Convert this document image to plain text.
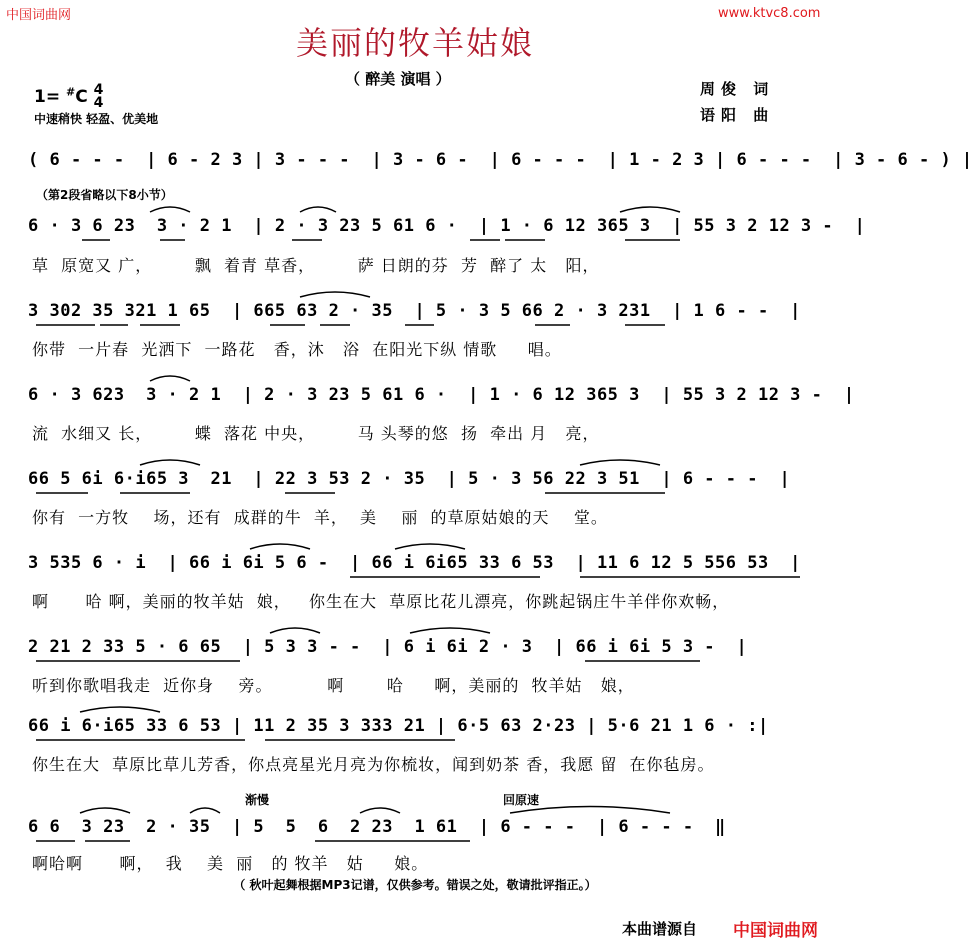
中国词曲网	www.ktvc8.com
美丽的牧羊姑娘
（ 醉美 演唱 ）
1= #C 4
4
中速稍快 轻盈、优美地
周俊 词
语阳 曲
( 6 - - -  | 6 - 2 3 | 3 - - -  | 3 - 6 -  | 6 - - -  | 1 - 2 3 | 6 - - -  | 3 - 6 - ) |
（第2段省略以下8小节）
6 · 3 6 23  3 · 2 1  | 2 · 3 23 5 61 6 ·  | 1 · 6 12 365 3  | 55 3 2 12 3 -  |
草  原宽又 广，       飘  着青 草香，       萨 日朗的芬  芳  醉了 太   阳，
3 302 35 321 1 65  | 665 63 2 · 35  | 5 · 3 5 66 2 · 3 231  | 1 6 - -  |
你带  一片春  光洒下  一路花   香，沐   浴  在阳光下纵 情歌     唱。
6 · 3 623  3 · 2 1  | 2 · 3 23 5 61 6 ·  | 1 · 6 12 365 3  | 55 3 2 12 3 -  |
流  水细又 长，       蝶  落花 中央，       马 头琴的悠  扬  牵出 月   亮，
66 5 6i 6·i65 3  21  | 22 3 53 2 · 35  | 5 · 3 56 22 3 51  | 6 - - -  |
你有  一方牧    场，还有  成群的牛  羊，  美    丽  的草原姑娘的天    堂。
3 535 6 · i  | 66 i 6i 5 6 -  | 66 i 6i65 33 6 53  | 11 6 12 5 556 53  |
啊      哈 啊，美丽的牧羊姑  娘，   你生在大  草原比花儿漂亮，你跳起锅庄牛羊伴你欢畅，
2 21 2 33 5 · 6 65  | 5 3 3 - -  | 6 i 6i 2 · 3  | 66 i 6i 5 3 -  |
听到你歌唱我走  近你身    旁。         啊       哈     啊，美丽的  牧羊姑   娘，
66 i 6·i65 33 6 53 | 11 2 35 3 333 21 | 6·5 63 2·23 | 5·6 21 1 6 · :|
你生在大  草原比草儿芳香，你点亮星光月亮为你梳妆，闻到奶茶 香，我愿 留  在你毡房。
渐慢	回原速
6 6  3 23  2 · 35  | 5  5  6  2 23  1 61  | 6 - - -  | 6 - - -  ‖
啊哈啊      啊，  我    美  丽   的 牧羊   姑     娘。
（ 秋叶起舞根据MP3记谱，仅供参考。错误之处，敬请批评指正。）
本曲谱源自 中国词曲网
